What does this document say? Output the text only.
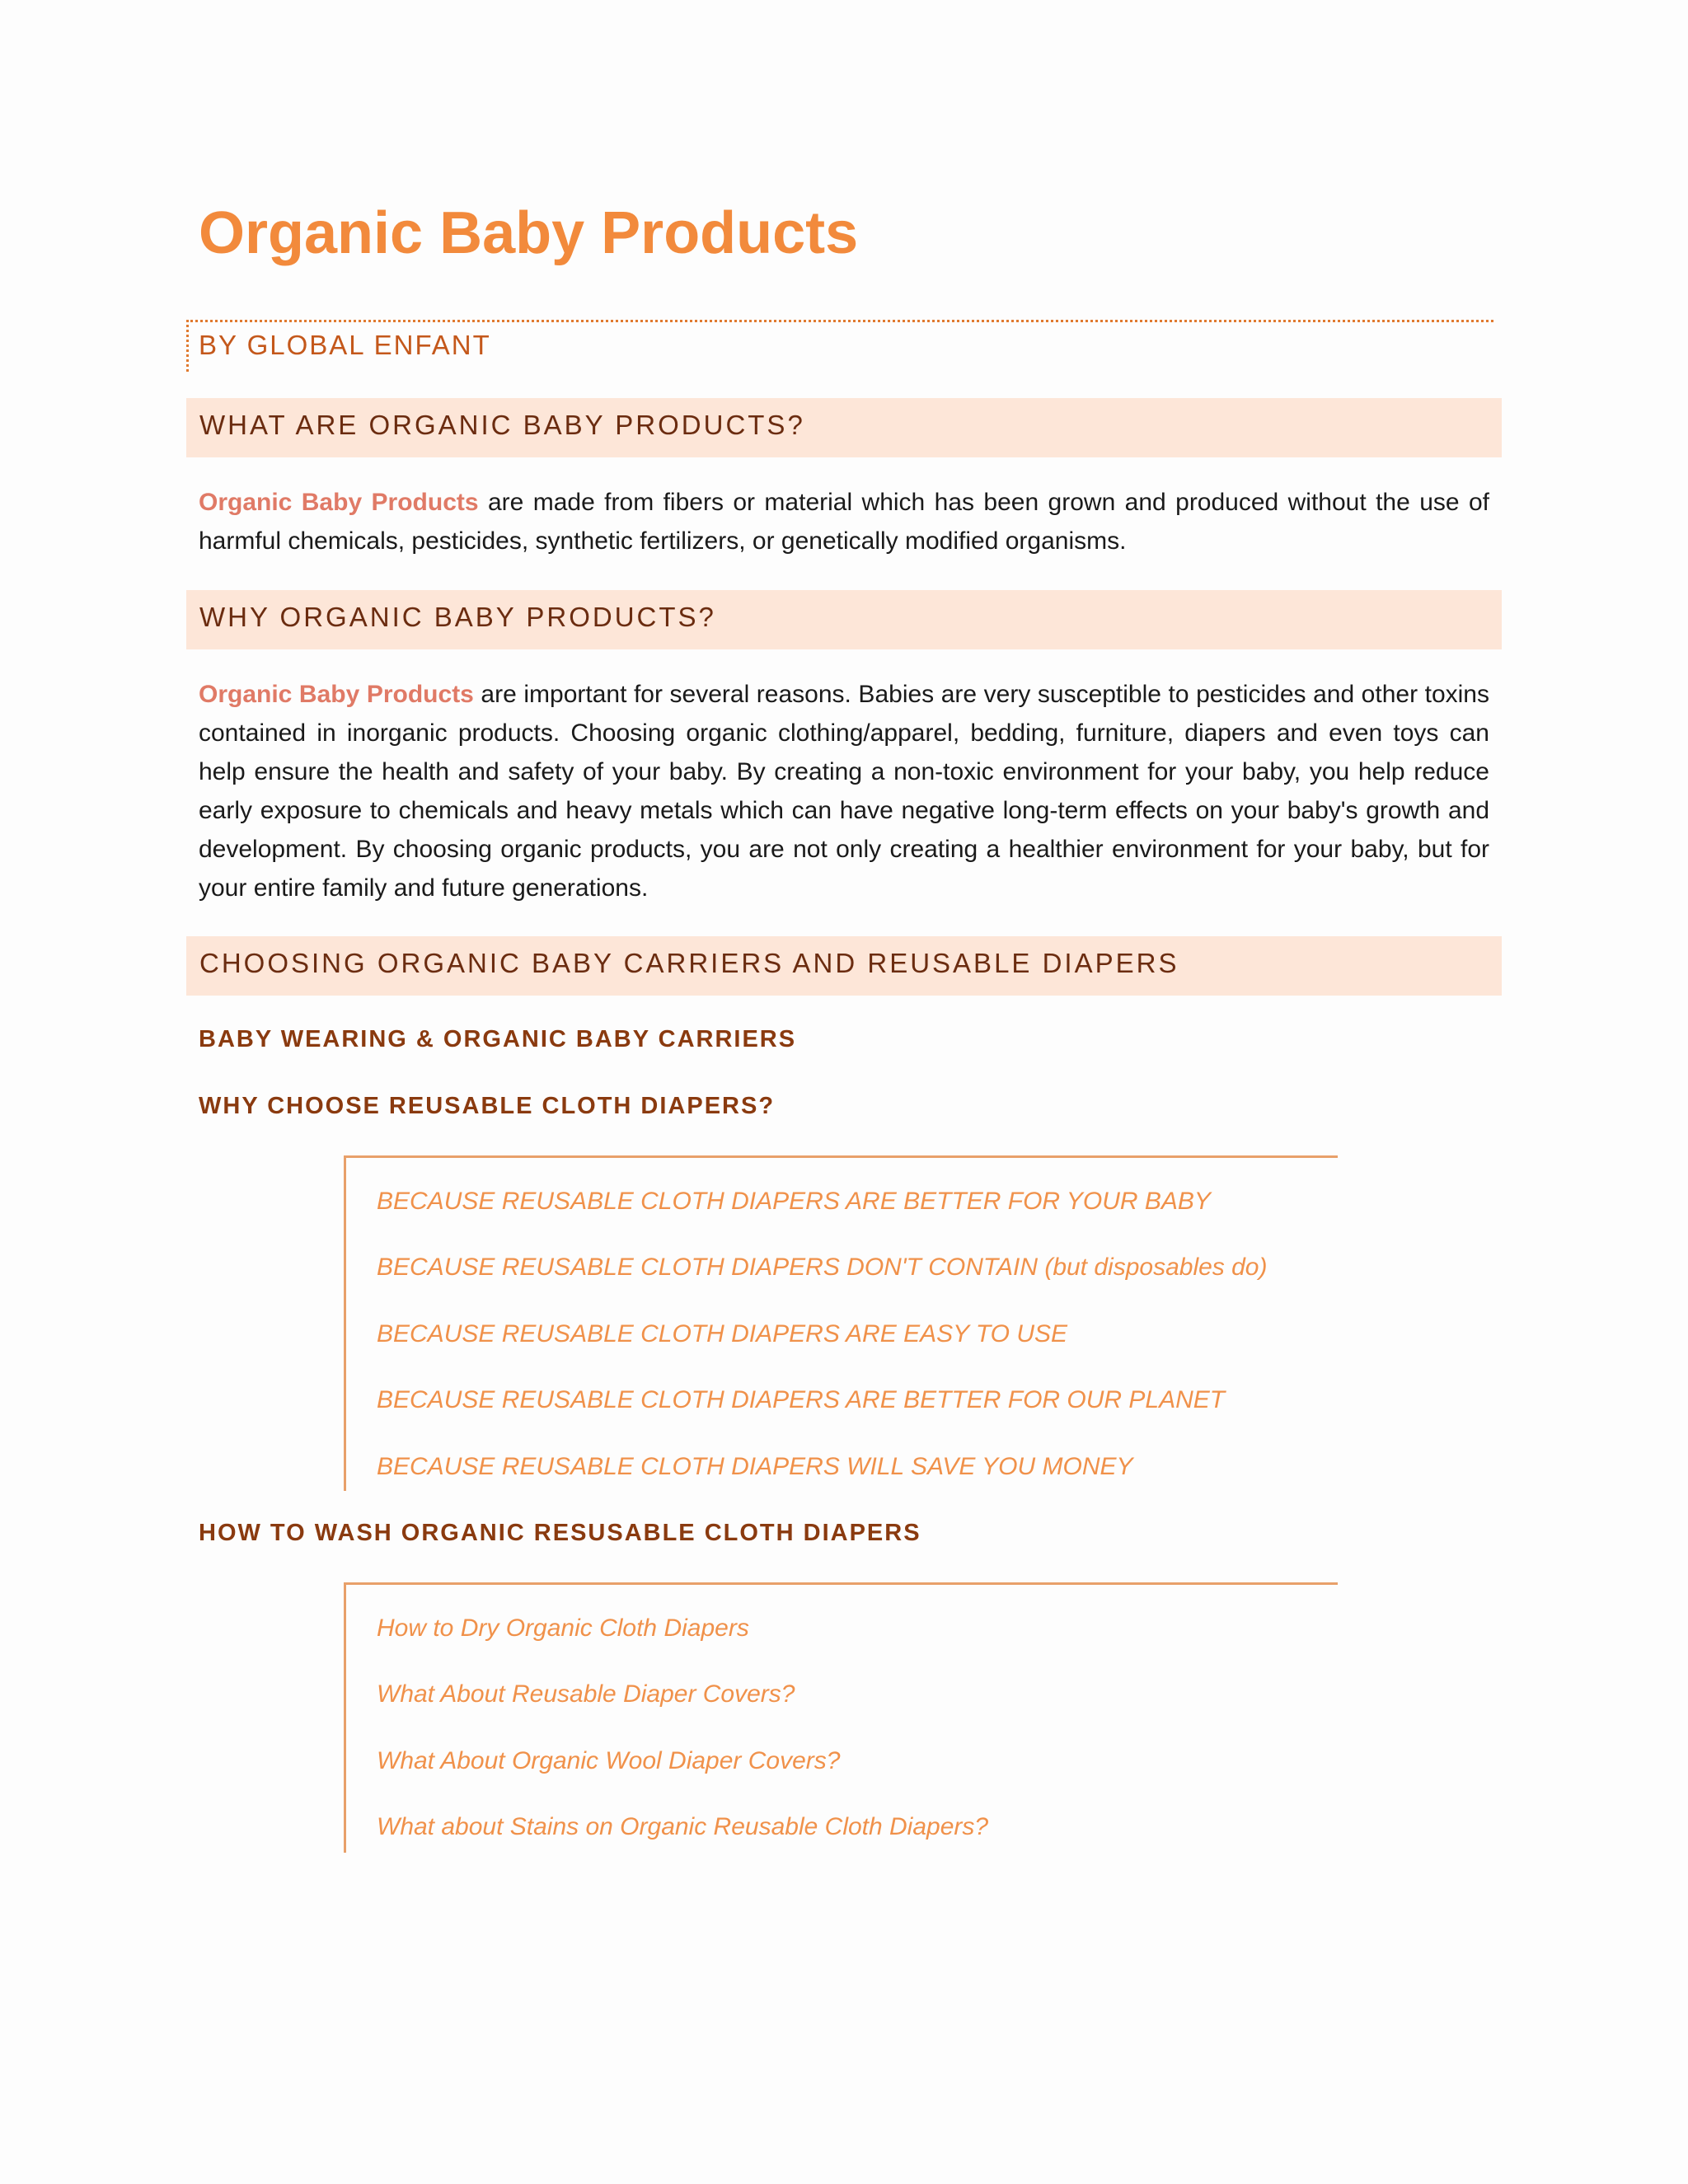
Organic Baby Products
BY GLOBAL ENFANT
WHAT ARE ORGANIC BABY PRODUCTS?
Organic Baby Products are made from fibers or material which has been grown and produced without the use of harmful chemicals, pesticides, synthetic fertilizers, or genetically modified organisms.
WHY ORGANIC BABY PRODUCTS?
Organic Baby Products are important for several reasons. Babies are very susceptible to pesticides and other toxins contained in inorganic products. Choosing organic clothing/apparel, bedding, furniture, diapers and even toys can help ensure the health and safety of your baby. By creating a non-toxic environment for your baby, you help reduce early exposure to chemicals and heavy metals which can have negative long-term effects on your baby's growth and development. By choosing organic products, you are not only creating a healthier environment for your baby, but for your entire family and future generations.
CHOOSING ORGANIC BABY CARRIERS AND REUSABLE DIAPERS
BABY WEARING & ORGANIC BABY CARRIERS
WHY CHOOSE REUSABLE CLOTH DIAPERS?
BECAUSE REUSABLE CLOTH DIAPERS ARE BETTER FOR YOUR BABY
BECAUSE REUSABLE CLOTH DIAPERS DON'T CONTAIN (but disposables do)
BECAUSE REUSABLE CLOTH DIAPERS ARE EASY TO USE
BECAUSE REUSABLE CLOTH DIAPERS ARE BETTER FOR OUR PLANET
BECAUSE REUSABLE CLOTH DIAPERS WILL SAVE YOU MONEY
HOW TO WASH ORGANIC RESUSABLE CLOTH DIAPERS
How to Dry Organic Cloth Diapers
What About Reusable Diaper Covers?
What About Organic Wool Diaper Covers?
What about Stains on Organic Reusable Cloth Diapers?
